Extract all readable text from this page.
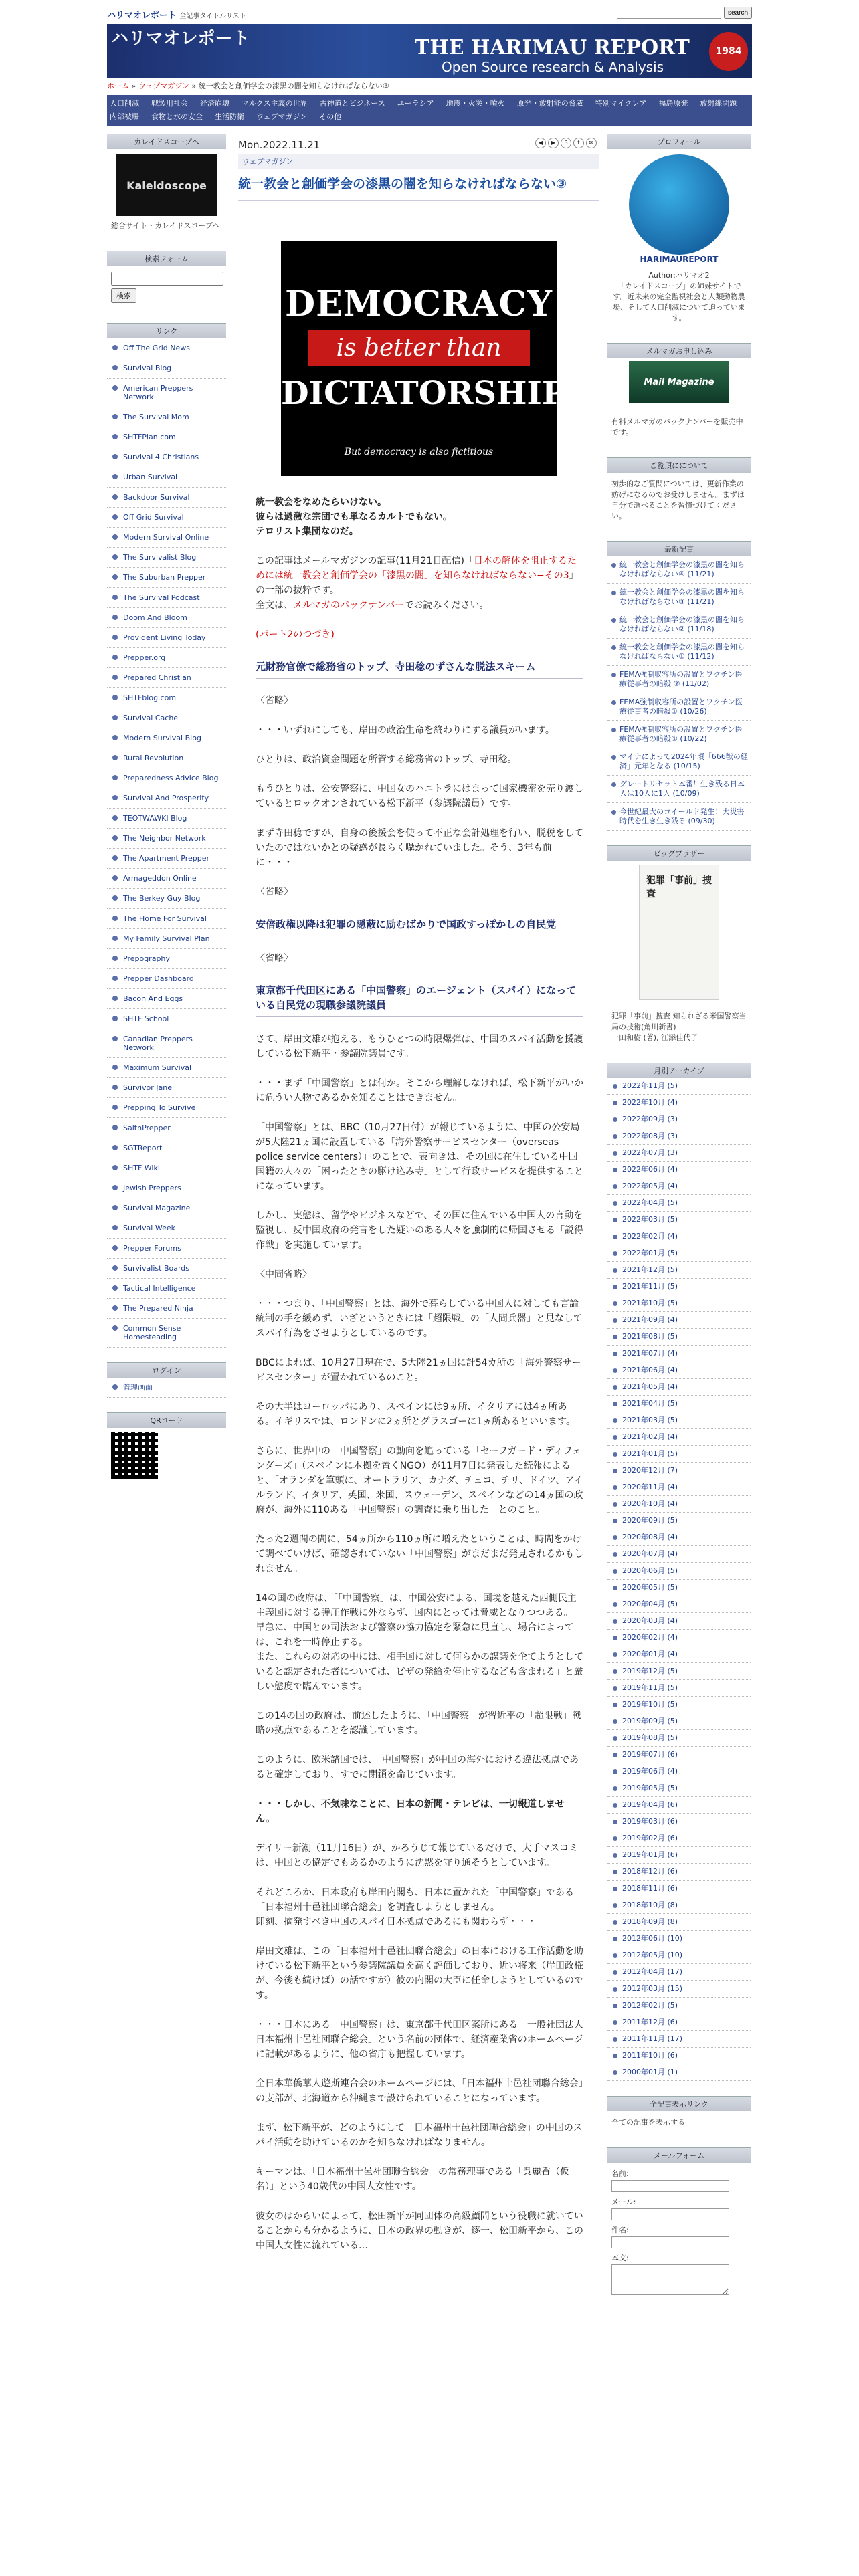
ハリマオレポート 全記事タイトルリスト	search
ハリマオレポート	THE HARIMAU REPORT
Open Source research & Analysis
1984
ホーム » ウェブマガジン » 統一教会と創価学会の漆黒の闇を知らなければならない③
人口削減 戦製用社会 経済崩壊 マルクス主義の世界 古神道とビジネース ユーラシア 地震・火災・噴火 原発・放射能の脅威 特別マイクレア 福島原発 放射線問題
内部被曝 食物と水の安全 生活防衛 ウェブマガジン その他
カレイドスコープへ
Kaleidoscope
総合サイト・カレイドスコープへ
検索フォーム

検索
リンク
Off The Grid News
Survival Blog
American Preppers Network
The Survival Mom
SHTFPlan.com
Survival 4 Christians
Urban Survival
Backdoor Survival
Off Grid Survival
Modern Survival Online
The Survivalist Blog
The Suburban Prepper
The Survival Podcast
Doom And Bloom
Provident Living Today
Prepper.org
Prepared Christian
SHTFblog.com
Survival Cache
Modern Survival Blog
Rural Revolution
Preparedness Advice Blog
Survival And Prosperity
TEOTWAWKI Blog
The Neighbor Network
The Apartment Prepper
Armageddon Online
The Berkey Guy Blog
The Home For Survival
My Family Survival Plan
Prepography
Prepper Dashboard
Bacon And Eggs
SHTF School
Canadian Preppers Network
Maximum Survival
Survivor Jane
Prepping To Survive
SaltnPrepper
SGTReport
SHTF Wiki
Jewish Preppers
Survival Magazine
Survival Week
Prepper Forums
Survivalist Boards
Tactical Intelligence
The Prepared Ninja
Common Sense Homesteading
ログイン
管理画面
QRコード
Mon.2022.11.21	◀	▶	B	t	✉
ウェブマガジン
統一教会と創価学会の漆黒の闇を知らなければならない③
DEMOCRACY
is better than
DICTATORSHIP
But democracy is also fictitious

統一教会をなめたらいけない。
彼らは過激な宗団でも単なるカルトでもない。
テロリスト集団なのだ。

この記事はメールマガジンの記事(11月21日配信)「日本の解体を阻止するためには統一教会と創価学会の「漆黒の闇」を知らなければならない−その3」の一部の抜粋です。
全文は、メルマガのバックナンバーでお読みください。

(パート2のつづき)

元財務官僚で総務省のトップ、寺田稔のずさんな脱法スキーム

〈省略〉

・・・いずれにしても、岸田の政治生命を終わりにする議員がいます。

ひとりは、政治資金問題を所管する総務省のトップ、寺田稔。

もうひとりは、公安警察に、中国女のハニトラにはまって国家機密を売り渡しているとロックオンされている松下新平（参議院議員）です。

まず寺田稔ですが、自身の後援会を使って不正な会計処理を行い、脱税をしていたのではないかとの疑惑が長らく囁かれていました。そう、3年も前に・・・

〈省略〉

安倍政権以降は犯罪の隠蔽に励むばかりで国政すっぽかしの自民党

〈省略〉

東京都千代田区にある「中国警察」のエージェント（スパイ）になっている自民党の現職参議院議員

さて、岸田文雄が抱える、もうひとつの時限爆弾は、中国のスパイ活動を援護している松下新平・参議院議員です。

・・・まず「中国警察」とは何か。そこから理解しなければ、松下新平がいかに危うい人物であるかを知ることはできません。

「中国警察」とは、BBC（10月27日付）が報じているように、中国の公安局が5大陸21ヵ国に設置している「海外警察サービスセンター（overseas police service centers）」のことで、表向きは、その国に在住している中国国籍の人々の「困ったときの駆け込み寺」として行政サービスを提供することになっています。

しかし、実態は、留学やビジネスなどで、その国に住んでいる中国人の言動を監視し、反中国政府の発言をした疑いのある人々を強制的に帰国させる「説得作戦」を実施しています。

〈中間省略〉

・・・つまり、「中国警察」とは、海外で暮らしている中国人に対しても言論統制の手を緩めず、いざというときには「超限戦」の「人間兵器」と見なしてスパイ行為をさせようとしているのです。

BBCによれば、10月27日現在で、5大陸21ヵ国に計54カ所の「海外警察サービスセンター」が置かれているのこと。

その大半はヨーロッパにあり、スペインには9ヵ所、イタリアには4ヵ所ある。イギリスでは、ロンドンに2ヵ所とグラスゴーに1ヵ所あるといいます。

さらに、世界中の「中国警察」の動向を追っている「セーフガード・ディフェンダーズ」（スペインに本拠を置くNGO）が11月7日に発表した続報によると、「オランダを筆頭に、オートラリア、カナダ、チェコ、チリ、ドイツ、アイルランド、イタリア、英国、米国、スウェーデン、スペインなどの14ヵ国の政府が、海外に110ある「中国警察」の調査に乗り出した」とのこと。

たった2週間の間に、54ヵ所から110ヵ所に増えたということは、時間をかけて調べていけば、確認されていない「中国警察」がまだまだ発見されるかもしれません。

14の国の政府は、「「中国警察」は、中国公安による、国境を越えた西側民主主義国に対する弾圧作戦に外ならず、国内にとっては脅威となりつつある。
早急に、中国との司法および警察の協力協定を緊急に見直し、場合によっては、これを一時停止する。
また、これらの対応の中には、相手国に対して何らかの謀議を企てようとしていると認定された者については、ビザの発給を停止するなども含まれる」と厳しい態度で臨んでいます。

この14の国の政府は、前述したように、「中国警察」が習近平の「超限戦」戦略の拠点であることを認識しています。

このように、欧米諸国では、「中国警察」が中国の海外における違法拠点であると確定しており、すでに閉鎖を命じています。

・・・しかし、不気味なことに、日本の新聞・テレビは、一切報道しません。

デイリー新潮（11月16日）が、かろうじて報じているだけで、大手マスコミは、中国との協定でもあるかのように沈黙を守り通そうとしています。

それどころか、日本政府も岸田内閣も、日本に置かれた「中国警察」である「日本福州十邑社団聯合総会」を調査しようとしません。
即刻、摘発すべき中国のスパイ日本拠点であるにも関わらず・・・

岸田文雄は、この「日本福州十邑社団聯合総会」の日本における工作活動を助けている松下新平という参議院議員を高く評価しており、近い将来（岸田政権が、今後も続けば）の話ですが）彼の内閣の大臣に任命しようとしているのです。

・・・日本にある「中国警察」は、東京都千代田区案所にある「一般社団法人日本福州十邑社団聯合総会」という名前の団体で、経済産業省のホームページに記載があるように、他の省庁も把握しています。

全日本華僑華人遊斯連合会のホームページには、「日本福州十邑社団聯合総会」の支部が、北海道から沖縄まで設けられていることになっています。

まず、松下新平が、どのようにして「日本福州十邑社団聯合総会」の中国のスパイ活動を助けているのかを知らなければなりません。

キーマンは、「日本福州十邑社団聯合総会」の常務理事である「呉麗香（仮名）」という40歳代の中国人女性です。

彼女のはからいによって、松田新平が同団体の高級顧問という役職に就いていることからも分かるように、日本の政界の動きが、逐一、松田新平から、この中国人女性に流れている…

プロフィール
HARIMAUREPORT
Author:ハリマオ2
「カレイドスコープ」の姉妹サイトです。近未来の完全監視社会と人類動物農場、そして人口削減について迫っています。
メルマガお申し込み
Mail Magazine
有料メルマガのバックナンバーを販売中です。
ご覧頂にについて
初歩的なご質問については、更新作業の妨げになるのでお受けしません。まずは自分で調べることを習慣づけてください。
最新記事
統一教会と創価学会の漆黒の闇を知らなければならない④ (11/21)
統一教会と創価学会の漆黒の闇を知らなければならない③ (11/21)
統一教会と創価学会の漆黒の闇を知らなければならない② (11/18)
統一教会と創価学会の漆黒の闇を知らなければならない① (11/12)
FEMA強制収容所の設置とワクチン医療従事者の暗殺 ② (11/02)
FEMA強制収容所の設置とワクチン医療従事者の暗殺① (10/26)
FEMA強制収容所の設置とワクチン医療従事者の暗殺① (10/22)
マイナによって2024年頃「666獣の経済」元年となる (10/15)
グレートリセット本番！生き残る日本人は10人に1人 (10/09)
今世紀最大のゴイールド発生！大災害時代を生き生き残る (09/30)
ビッグブラザー
犯罪「事前」捜査
犯罪「事前」捜査 知られざる米国警察当局の技術(角川新書)
一田和樹 (著), 江添佳代子
月別アーカイブ
2022年11月 (5)
2022年10月 (4)
2022年09月 (3)
2022年08月 (3)
2022年07月 (3)
2022年06月 (4)
2022年05月 (4)
2022年04月 (5)
2022年03月 (5)
2022年02月 (4)
2022年01月 (5)
2021年12月 (5)
2021年11月 (5)
2021年10月 (5)
2021年09月 (4)
2021年08月 (5)
2021年07月 (4)
2021年06月 (4)
2021年05月 (4)
2021年04月 (5)
2021年03月 (5)
2021年02月 (4)
2021年01月 (5)
2020年12月 (7)
2020年11月 (4)
2020年10月 (4)
2020年09月 (5)
2020年08月 (4)
2020年07月 (4)
2020年06月 (5)
2020年05月 (5)
2020年04月 (5)
2020年03月 (4)
2020年02月 (4)
2020年01月 (4)
2019年12月 (5)
2019年11月 (5)
2019年10月 (5)
2019年09月 (5)
2019年08月 (5)
2019年07月 (6)
2019年06月 (4)
2019年05月 (5)
2019年04月 (6)
2019年03月 (6)
2019年02月 (6)
2019年01月 (6)
2018年12月 (6)
2018年11月 (6)
2018年10月 (8)
2018年09月 (8)
2012年06月 (10)
2012年05月 (10)
2012年04月 (17)
2012年03月 (15)
2012年02月 (5)
2011年12月 (6)
2011年11月 (17)
2011年10月 (6)
2000年01月 (1)
全記事表示リンク
全ての記事を表示する
メールフォーム
名前:
メール:
件名:
本文:
